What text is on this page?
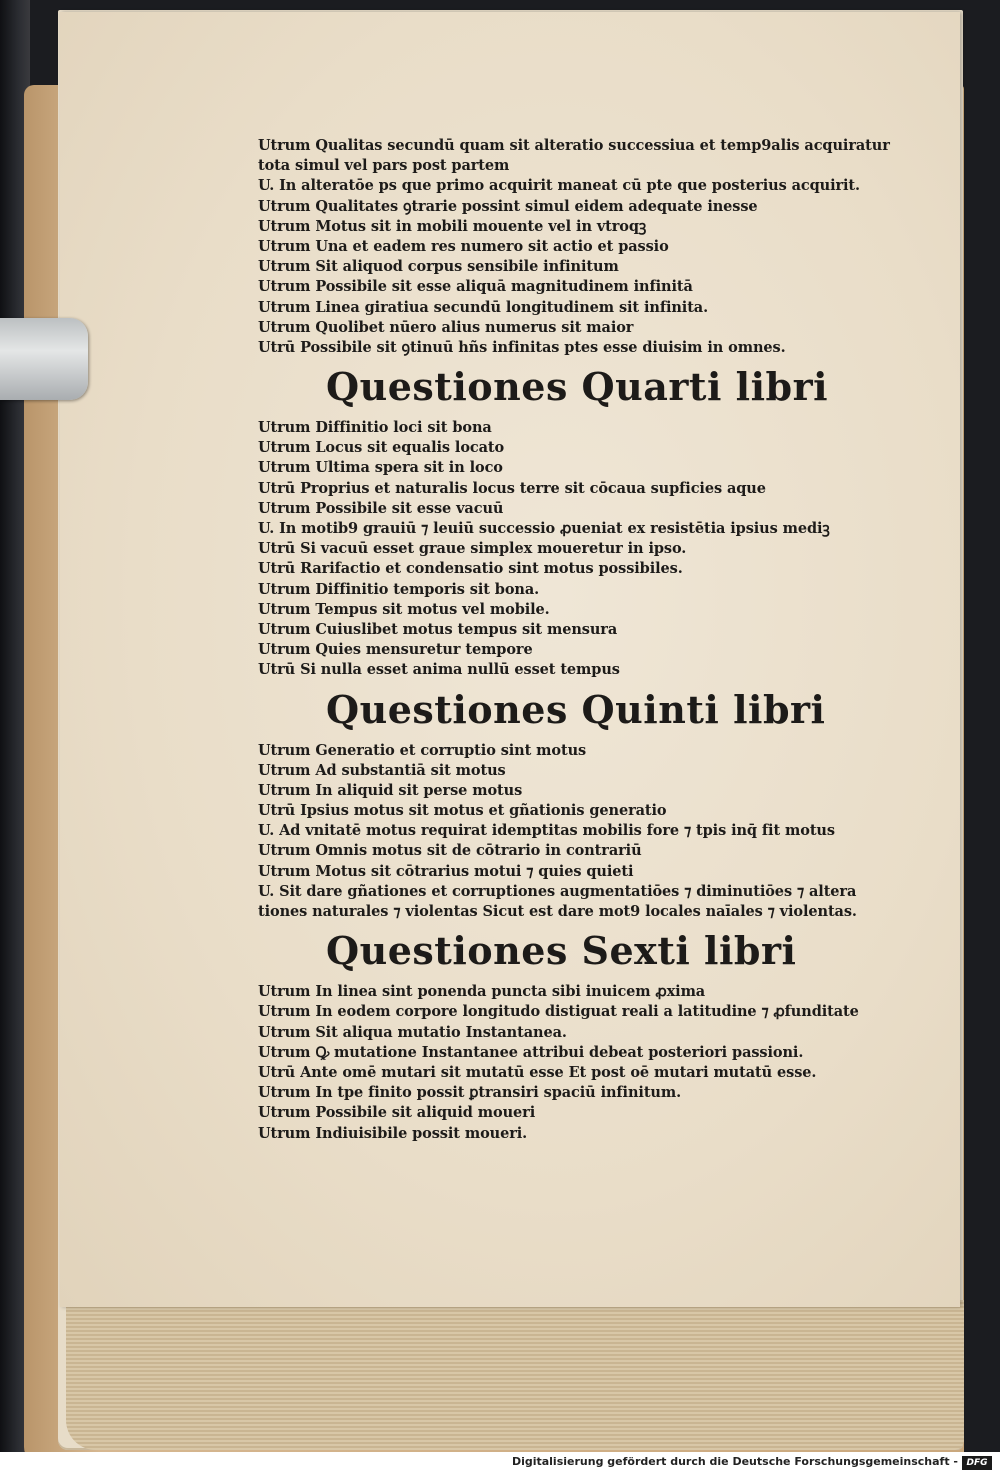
Utrum Qualitas secundū quam sit alteratio successiua et temp9alis acquiratur
tota simul vel pars post partem
U. In alteratōe ps que primo acquirit maneat cū pte que posterius acquirit.
Utrum Qualitates ꝯtrarie possint simul eidem adequate inesse
Utrum Motus sit in mobili mouente vel in vtroqꝫ
Utrum Una et eadem res numero sit actio et passio
Utrum Sit aliquod corpus sensibile infinitum
Utrum Possibile sit esse aliquā magnitudinem infinitā
Utrum Linea giratiua secundū longitudinem sit infinita.
Utrum Quolibet nūero alius numerus sit maior
Utrū Possibile sit ꝯtinuū hñs infinitas ptes esse diuisim in omnes.
Questiones Quarti libri
Utrum Diffinitio loci sit bona
Utrum Locus sit equalis locato
Utrum Ultima spera sit in loco
Utrū Proprius et naturalis locus terre sit cōcaua supficies aque
Utrum Possibile sit esse vacuū
U. In motib9 grauiū ⁊ leuiū successio ꝓueniat ex resistētia ipsius mediꝫ
Utrū Si vacuū esset graue simplex moueretur in ipso.
Utrū Rarifactio et condensatio sint motus possibiles.
Utrum Diffinitio temporis sit bona.
Utrum Tempus sit motus vel mobile.
Utrum Cuiuslibet motus tempus sit mensura
Utrum Quies mensuretur tempore
Utrū Si nulla esset anima nullū esset tempus
Questiones Quinti libri
Utrum Generatio et corruptio sint motus
Utrum Ad substantiā sit motus
Utrum In aliquid sit perse motus
Utrū Ipsius motus sit motus et gñationis generatio
U. Ad vnitatē motus requirat idemptitas mobilis fore ⁊ tpis inq̄ fit motus
Utrum Omnis motus sit de cōtrario in contrariū
Utrum Motus sit cōtrarius motui ⁊ quies quieti
U. Sit dare gñationes et corruptiones augmentatiōes ⁊ diminutiōes ⁊ altera
tiones naturales ⁊ violentas Sicut est dare mot9 locales naīales ⁊ violentas.
Questiones Sexti libri
Utrum In linea sint ponenda puncta sibi inuicem ꝓxima
Utrum In eodem corpore longitudo distiguat reali a latitudine ⁊ ꝓfunditate
Utrum Sit aliqua mutatio Instantanea.
Utrum Ꝙ mutatione Instantanee attribui debeat posteriori passioni.
Utrū Ante omē mutari sit mutatū esse Et post oē mutari mutatū esse.
Utrum In tpe finito possit ꝑtransiri spaciū infinitum.
Utrum Possibile sit aliquid moueri
Utrum Indiuisibile possit moueri.
Digitalisierung gefördert durch die Deutsche Forschungsgemeinschaft - DFG
